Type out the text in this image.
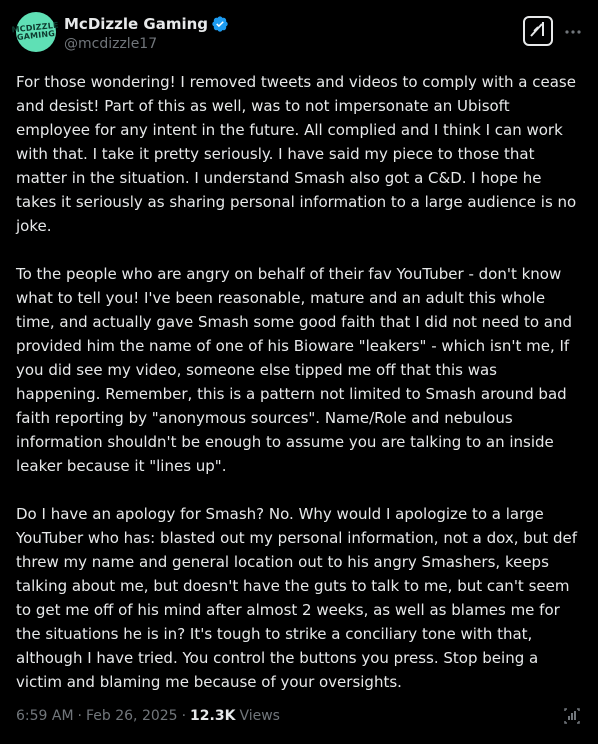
MCDIZZLE GAMING
McDizzle Gaming
@mcdizzle17

For those wondering! I removed tweets and videos to comply with a cease and desist! Part of this as well, was to not impersonate an Ubisoft employee for any intent in the future. All complied and I think I can work with that. I take it pretty seriously. I have said my piece to those that matter in the situation. I understand Smash also got a C&D. I hope he takes it seriously as sharing personal information to a large audience is no joke.

To the people who are angry on behalf of their fav YouTuber - don't know what to tell you! I've been reasonable, mature and an adult this whole time, and actually gave Smash some good faith that I did not need to and provided him the name of one of his Bioware "leakers" - which isn't me, If you did see my video, someone else tipped me off that this was happening. Remember, this is a pattern not limited to Smash around bad faith reporting by "anonymous sources". Name/Role and nebulous information shouldn't be enough to assume you are talking to an inside leaker because it "lines up".

Do I have an apology for Smash? No. Why would I apologize to a large YouTuber who has: blasted out my personal information, not a dox, but def threw my name and general location out to his angry Smashers, keeps talking about me, but doesn't have the guts to talk to me, but can't seem to get me off of his mind after almost 2 weeks, as well as blames me for the situations he is in? It's tough to strike a conciliary tone with that, although I have tried. You control the buttons you press. Stop being a victim and blaming me because of your oversights.

6:59 AM · Feb 26, 2025 · 12.3K Views
